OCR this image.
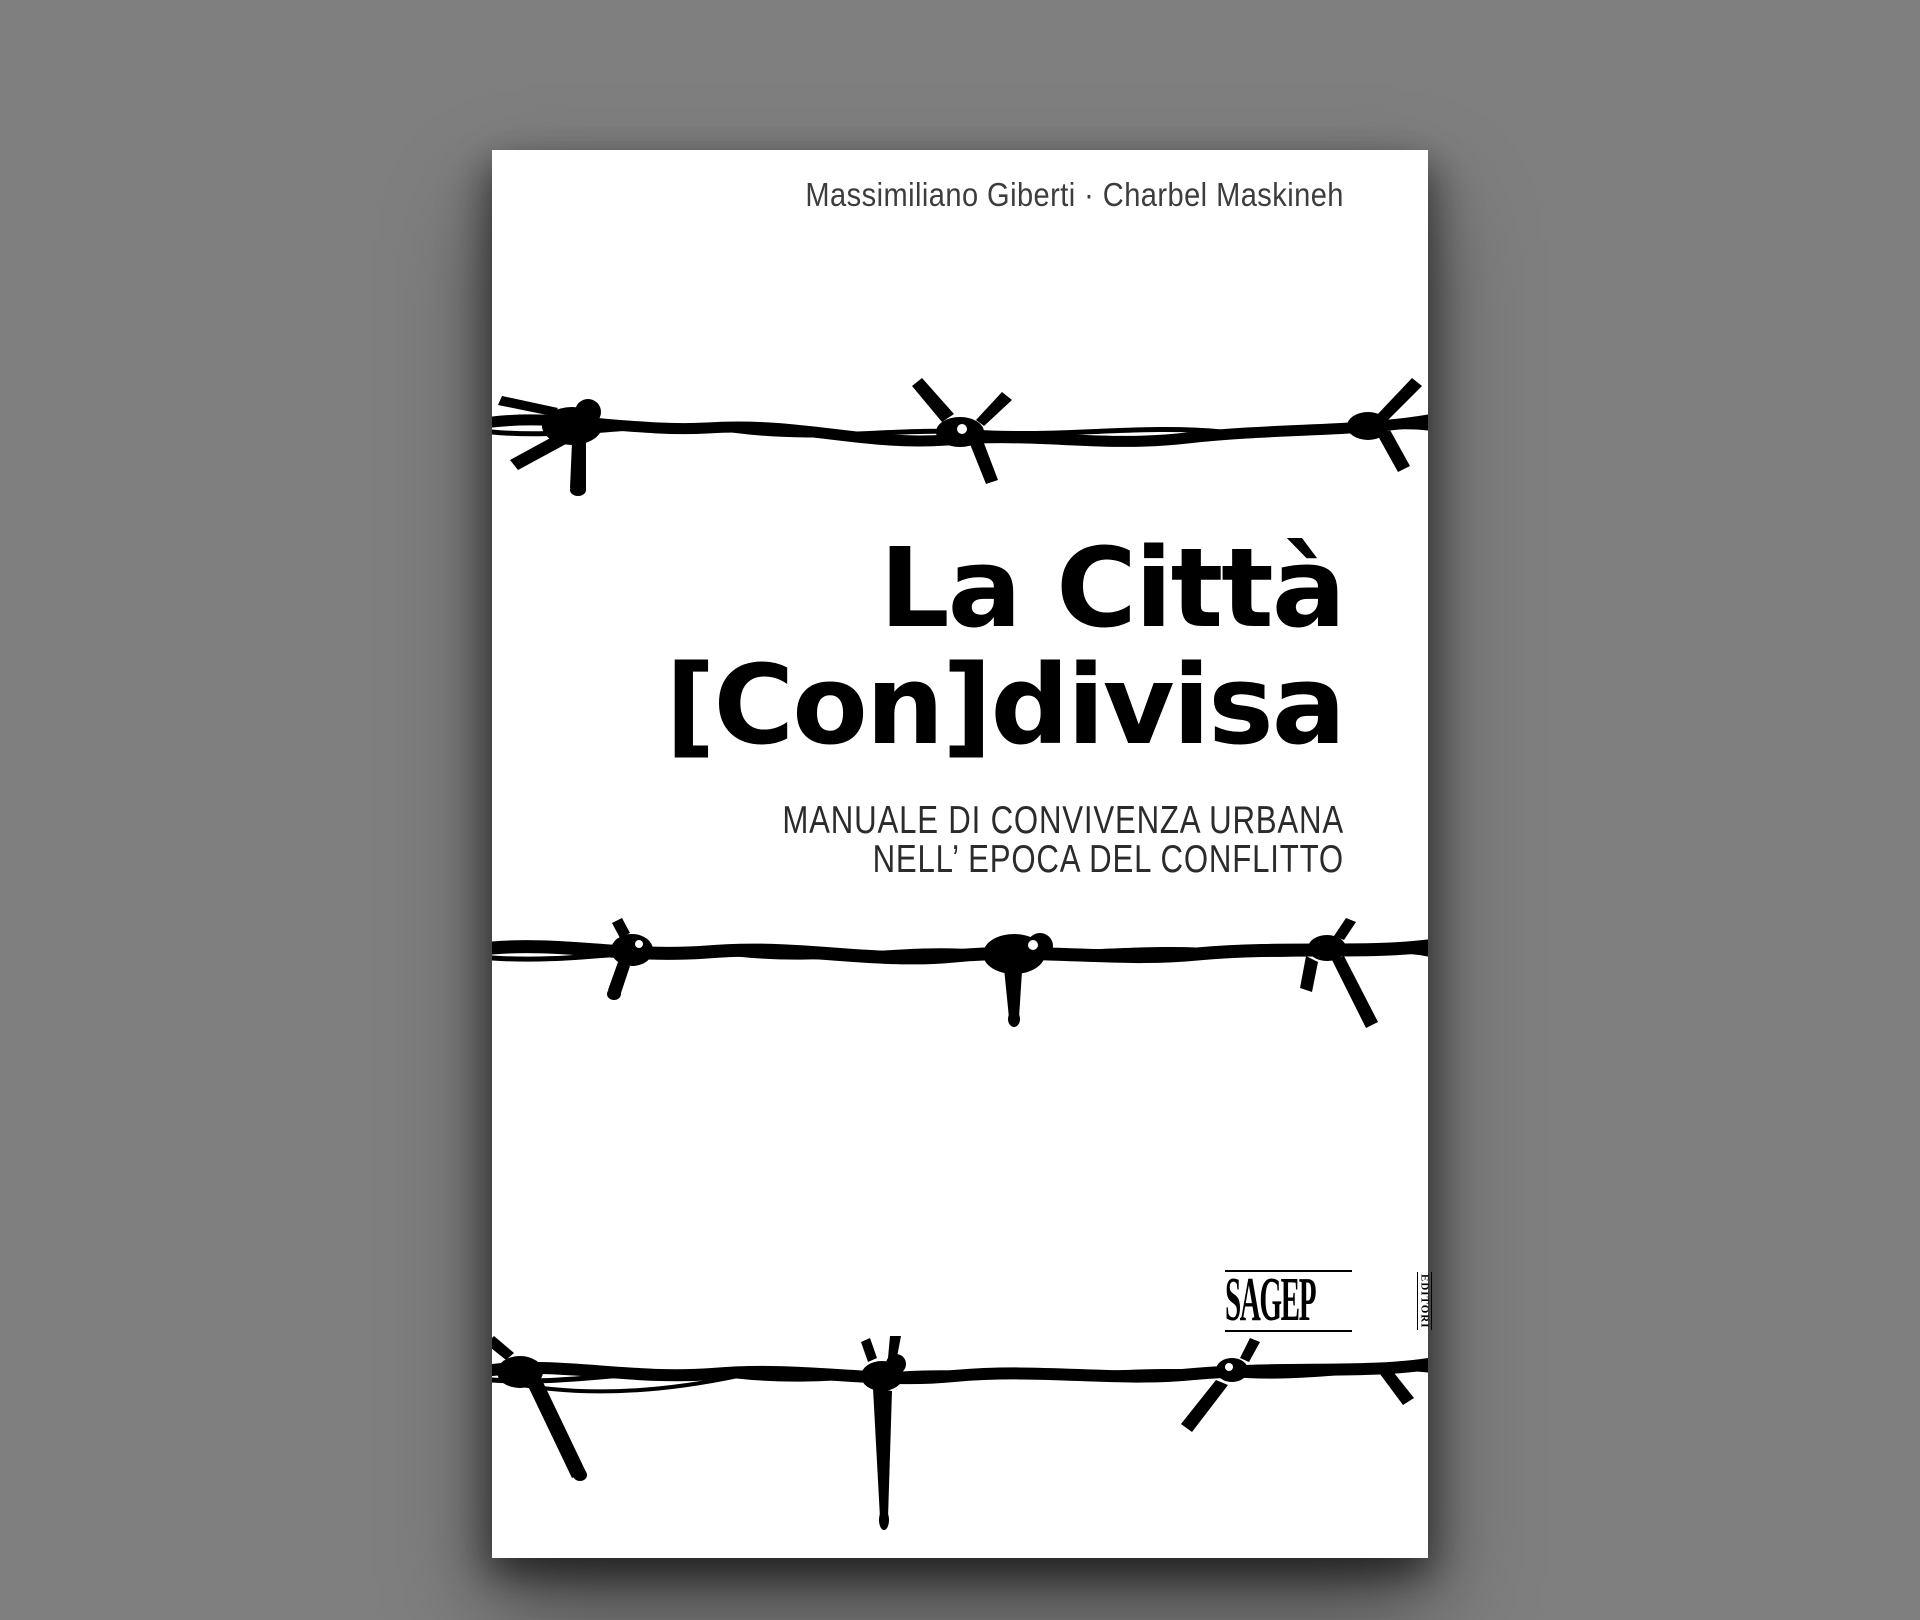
Massimiliano Giberti · Charbel Maskineh
La Città
[Con]divisa
MANUALE DI CONVIVENZA URBANA
NELL’ EPOCA DEL CONFLITTO
SAGEP	EDITORI
